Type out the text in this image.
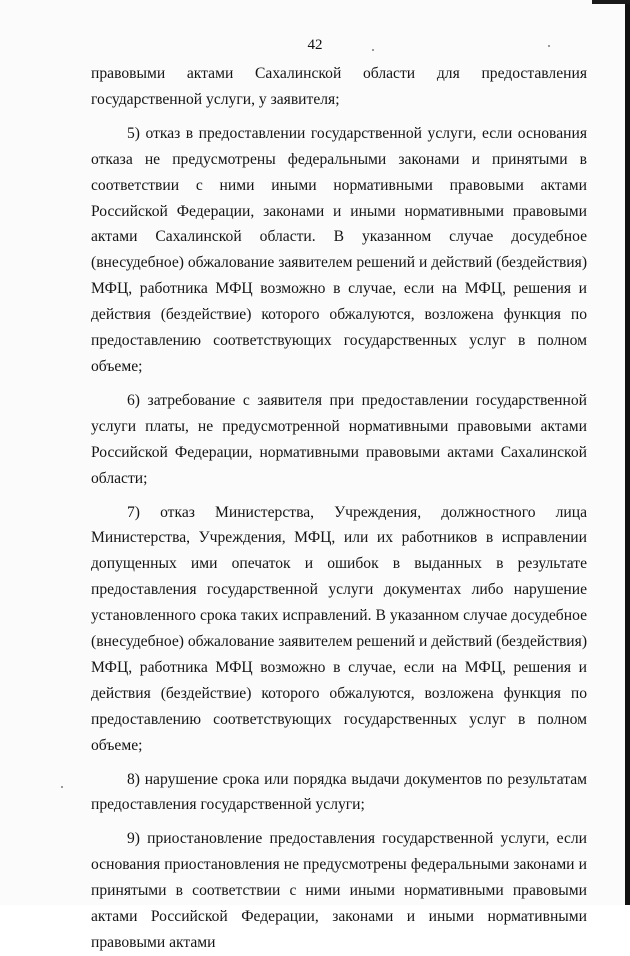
42

правовыми актами Сахалинской области для предоставления государственной услуги, у заявителя;

5) отказ в предоставлении государственной услуги, если основания отказа не предусмотрены федеральными законами и принятыми в соответствии с ними иными нормативными правовыми актами Российской Федерации, законами и иными нормативными правовыми актами Сахалинской области. В указанном случае досудебное (внесудебное) обжалование заявителем решений и действий (бездействия) МФЦ, работника МФЦ возможно в случае, если на МФЦ, решения и действия (бездействие) которого обжалуются, возложена функция по предоставлению соответствующих государственных услуг в полном объеме;

6) затребование с заявителя при предоставлении государственной услуги платы, не предусмотренной нормативными правовыми актами Российской Федерации, нормативными правовыми актами Сахалинской области;

7) отказ Министерства, Учреждения, должностного лица Министерства, Учреждения, МФЦ, или их работников в исправлении допущенных ими опечаток и ошибок в выданных в результате предоставления государственной услуги документах либо нарушение установленного срока таких исправлений. В указанном случае досудебное (внесудебное) обжалование заявителем решений и действий (бездействия) МФЦ, работника МФЦ возможно в случае, если на МФЦ, решения и действия (бездействие) которого обжалуются, возложена функция по предоставлению соответствующих государственных услуг в полном объеме;

8) нарушение срока или порядка выдачи документов по результатам предоставления государственной услуги;

9) приостановление предоставления государственной услуги, если основания приостановления не предусмотрены федеральными законами и принятыми в соответствии с ними иными нормативными правовыми актами Российской Федерации, законами и иными нормативными правовыми актами
